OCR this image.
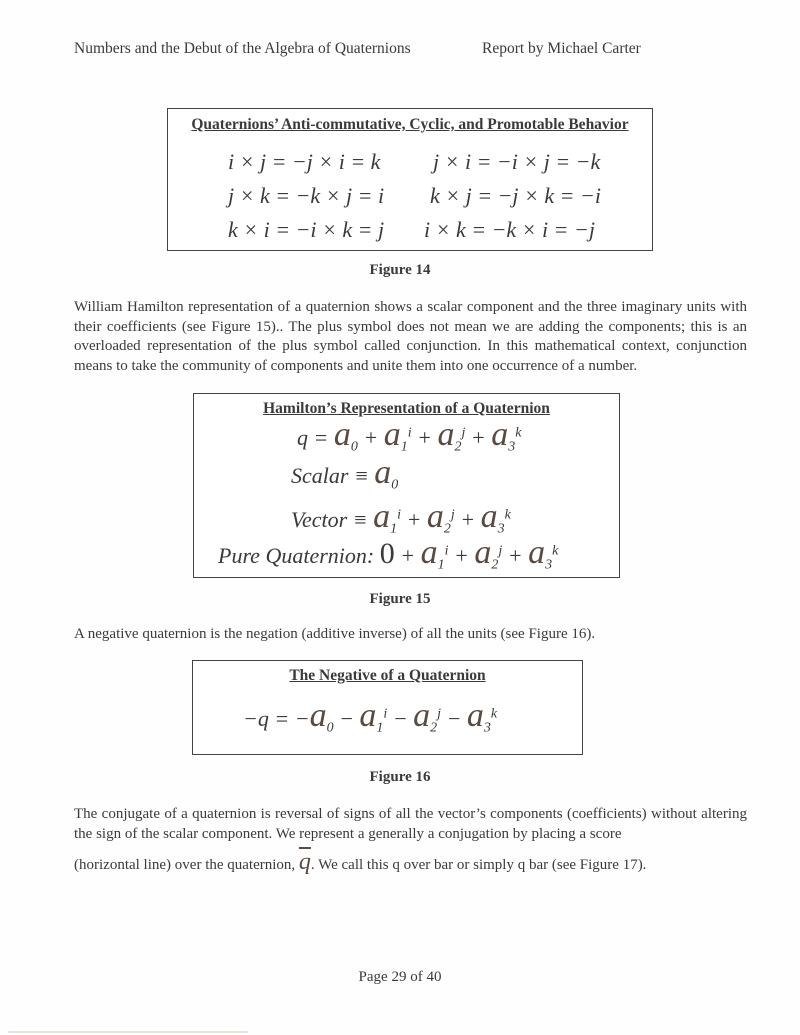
Numbers and the Debut of the Algebra of Quaternions	Report by Michael Carter
Quaternions’ Anti-commutative, Cyclic, and Promotable Behavior
i × j = −j × i = k
j × k = −k × j = i
k × i = −i × k = j
j × i = −i × j = −k
k × j = −j × k = −i
i × k = −k × i = −j
Figure 14
William Hamilton representation of a quaternion shows a scalar component and the three imaginary units with their coefficients (see Figure 15).. The plus symbol does not mean we are adding the components; this is an overloaded representation of the plus symbol called conjunction. In this mathematical context, conjunction means to take the community of components and unite them into one occurrence of a number.
Hamilton’s Representation of a Quaternion
$q = a_0 + a_1^i + a_2^j + a_3^k$
Scalar ≡ $a_0$
Vector ≡ $a_1^i + a_2^j + a_3^k$
Pure Quaternion: $0 + a_1^i + a_2^j + a_3^k$
Figure 15
A negative quaternion is the negation (additive inverse) of all the units (see Figure 16).
The Negative of a Quaternion
$-q = -a_0 - a_1^i - a_2^j - a_3^k$
Figure 16
The conjugate of a quaternion is reversal of signs of all the vector’s components (coefficients) without altering the sign of the scalar component. We represent a generally a conjugation by placing a score
(horizontal line) over the quaternion, $\overline{q}$. We call this q over bar or simply q bar (see Figure 17).
Page 29 of 40
